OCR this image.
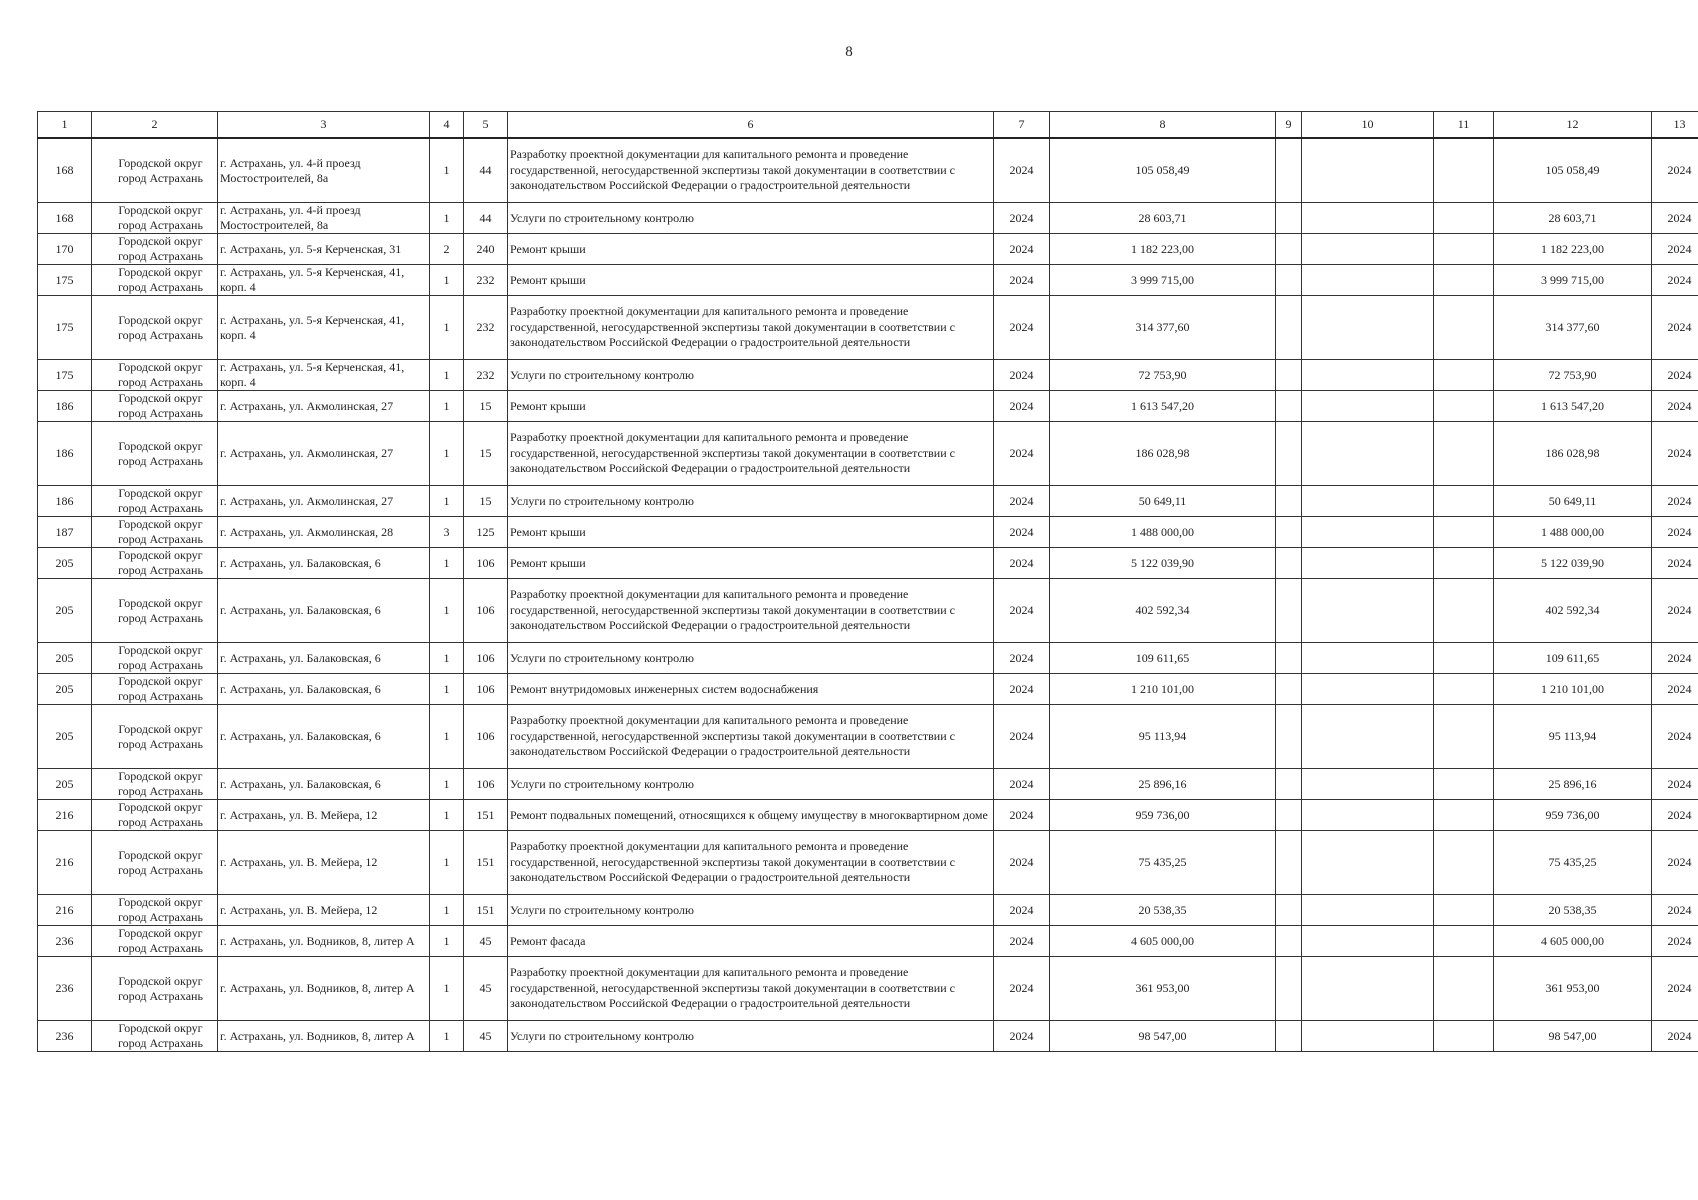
8
1	2	3	4	5	6	7	8	9	10	11	12	13
168	Городской округ город Астрахань	г. Астрахань, ул. 4-й проезд Мостостроителей, 8а	1	44	Разработку проектной документации для капитального ремонта и проведение государственной, негосударственной экспертизы такой документации в соответствии с законодательством Российской Федерации о градостроительной деятельности	2024	105 058,49				105 058,49	2024
168	Городской округ город Астрахань	г. Астрахань, ул. 4-й проезд Мостостроителей, 8а	1	44	Услуги по строительному контролю	2024	28 603,71				28 603,71	2024
170	Городской округ город Астрахань	г. Астрахань, ул. 5-я Керченская, 31	2	240	Ремонт крыши	2024	1 182 223,00				1 182 223,00	2024
175	Городской округ город Астрахань	г. Астрахань, ул. 5-я Керченская, 41, корп. 4	1	232	Ремонт крыши	2024	3 999 715,00				3 999 715,00	2024
175	Городской округ город Астрахань	г. Астрахань, ул. 5-я Керченская, 41, корп. 4	1	232	Разработку проектной документации для капитального ремонта и проведение государственной, негосударственной экспертизы такой документации в соответствии с законодательством Российской Федерации о градостроительной деятельности	2024	314 377,60				314 377,60	2024
175	Городской округ город Астрахань	г. Астрахань, ул. 5-я Керченская, 41, корп. 4	1	232	Услуги по строительному контролю	2024	72 753,90				72 753,90	2024
186	Городской округ город Астрахань	г. Астрахань, ул. Акмолинская, 27	1	15	Ремонт крыши	2024	1 613 547,20				1 613 547,20	2024
186	Городской округ город Астрахань	г. Астрахань, ул. Акмолинская, 27	1	15	Разработку проектной документации для капитального ремонта и проведение государственной, негосударственной экспертизы такой документации в соответствии с законодательством Российской Федерации о градостроительной деятельности	2024	186 028,98				186 028,98	2024
186	Городской округ город Астрахань	г. Астрахань, ул. Акмолинская, 27	1	15	Услуги по строительному контролю	2024	50 649,11				50 649,11	2024
187	Городской округ город Астрахань	г. Астрахань, ул. Акмолинская, 28	3	125	Ремонт крыши	2024	1 488 000,00				1 488 000,00	2024
205	Городской округ город Астрахань	г. Астрахань, ул. Балаковская, 6	1	106	Ремонт крыши	2024	5 122 039,90				5 122 039,90	2024
205	Городской округ город Астрахань	г. Астрахань, ул. Балаковская, 6	1	106	Разработку проектной документации для капитального ремонта и проведение государственной, негосударственной экспертизы такой документации в соответствии с законодательством Российской Федерации о градостроительной деятельности	2024	402 592,34				402 592,34	2024
205	Городской округ город Астрахань	г. Астрахань, ул. Балаковская, 6	1	106	Услуги по строительному контролю	2024	109 611,65				109 611,65	2024
205	Городской округ город Астрахань	г. Астрахань, ул. Балаковская, 6	1	106	Ремонт внутридомовых инженерных систем водоснабжения	2024	1 210 101,00				1 210 101,00	2024
205	Городской округ город Астрахань	г. Астрахань, ул. Балаковская, 6	1	106	Разработку проектной документации для капитального ремонта и проведение государственной, негосударственной экспертизы такой документации в соответствии с законодательством Российской Федерации о градостроительной деятельности	2024	95 113,94				95 113,94	2024
205	Городской округ город Астрахань	г. Астрахань, ул. Балаковская, 6	1	106	Услуги по строительному контролю	2024	25 896,16				25 896,16	2024
216	Городской округ город Астрахань	г. Астрахань, ул. В. Мейера, 12	1	151	Ремонт подвальных помещений, относящихся к общему имуществу в многоквартирном доме	2024	959 736,00				959 736,00	2024
216	Городской округ город Астрахань	г. Астрахань, ул. В. Мейера, 12	1	151	Разработку проектной документации для капитального ремонта и проведение государственной, негосударственной экспертизы такой документации в соответствии с законодательством Российской Федерации о градостроительной деятельности	2024	75 435,25				75 435,25	2024
216	Городской округ город Астрахань	г. Астрахань, ул. В. Мейера, 12	1	151	Услуги по строительному контролю	2024	20 538,35				20 538,35	2024
236	Городской округ город Астрахань	г. Астрахань, ул. Водников, 8, литер А	1	45	Ремонт фасада	2024	4 605 000,00				4 605 000,00	2024
236	Городской округ город Астрахань	г. Астрахань, ул. Водников, 8, литер А	1	45	Разработку проектной документации для капитального ремонта и проведение государственной, негосударственной экспертизы такой документации в соответствии с законодательством Российской Федерации о градостроительной деятельности	2024	361 953,00				361 953,00	2024
236	Городской округ город Астрахань	г. Астрахань, ул. Водников, 8, литер А	1	45	Услуги по строительному контролю	2024	98 547,00				98 547,00	2024
